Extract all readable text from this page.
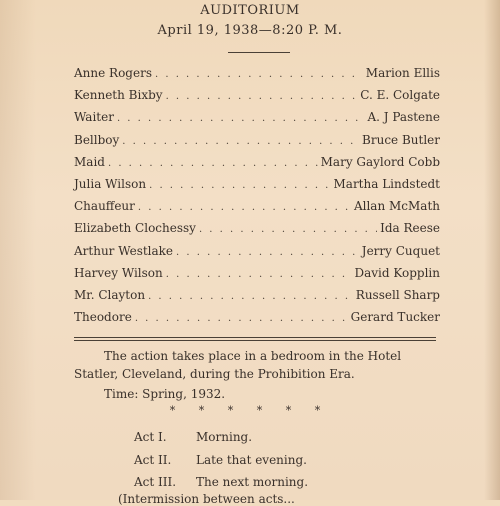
AUDITORIUM
April 19, 1938—8:20 P. M.
Anne Rogers . . .	Marion Ellis
Kenneth Bixby . . .	C. E. Colgate
Waiter . . .	A. J Pastene
Bellboy . . .	Bruce Butler
Maid . . .	Mary Gaylord Cobb
Julia Wilson . . .	Martha Lindstedt
Chauffeur . . .	Allan McMath
Elizabeth Clochessy . . .	Ida Reese
Arthur Westlake . . .	Jerry Cuquet
Harvey Wilson . . .	David Kopplin
Mr. Clayton . . .	Russell Sharp
Theodore . . .	Gerard Tucker
The action takes place in a bedroom in the Hotel
Statler, Cleveland, during the Prohibition Era.
Time: Spring, 1932.
* * * * * *
Act I. Morning.
Act II. Late that evening.
Act III. The next morning.
(Intermission between acts...
